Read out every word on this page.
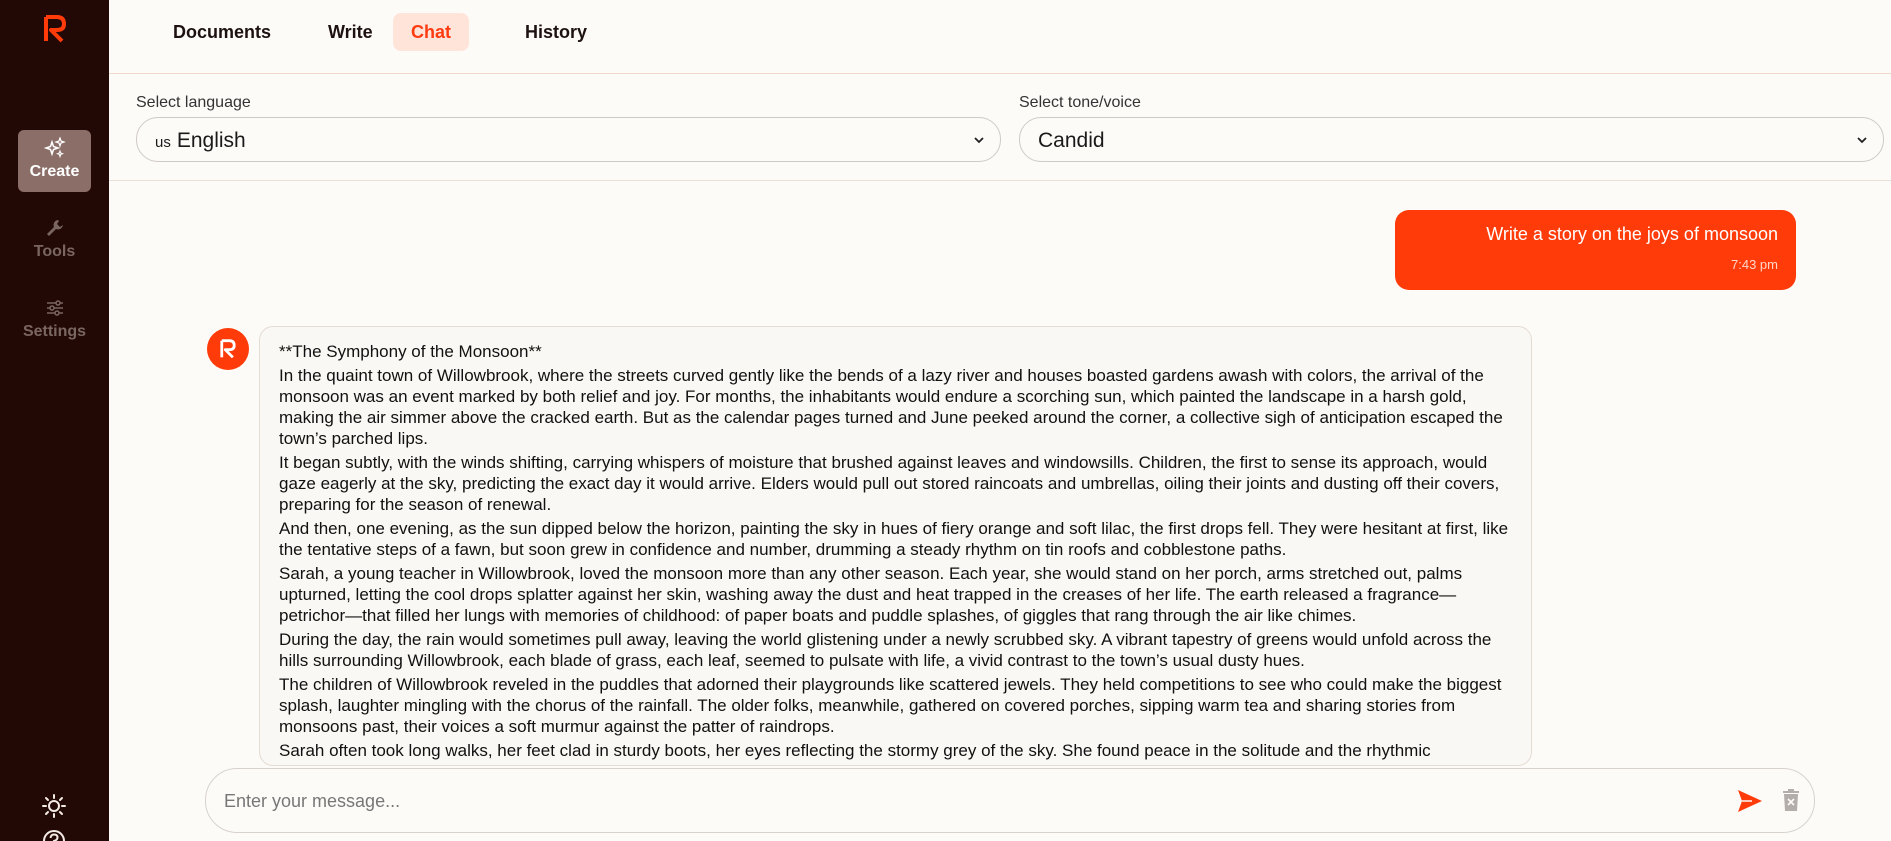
Create
Tools
Settings
Documents	Write	Chat	History
Select language
us English
Select tone/voice
Candid
Write a story on the joys of monsoon
7:43 pm

**The Symphony of the Monsoon**

In the quaint town of Willowbrook, where the streets curved gently like the bends of a lazy river and houses boasted gardens awash with colors, the arrival of the monsoon was an event marked by both relief and joy. For months, the inhabitants would endure a scorching sun, which painted the landscape in a harsh gold, making the air simmer above the cracked earth. But as the calendar pages turned and June peeked around the corner, a collective sigh of anticipation escaped the town’s parched lips.

It began subtly, with the winds shifting, carrying whispers of moisture that brushed against leaves and windowsills. Children, the first to sense its approach, would gaze eagerly at the sky, predicting the exact day it would arrive. Elders would pull out stored raincoats and umbrellas, oiling their joints and dusting off their covers, preparing for the season of renewal.

And then, one evening, as the sun dipped below the horizon, painting the sky in hues of fiery orange and soft lilac, the first drops fell. They were hesitant at first, like the tentative steps of a fawn, but soon grew in confidence and number, drumming a steady rhythm on tin roofs and cobblestone paths.

Sarah, a young teacher in Willowbrook, loved the monsoon more than any other season. Each year, she would stand on her porch, arms stretched out, palms upturned, letting the cool drops splatter against her skin, washing away the dust and heat trapped in the creases of her life. The earth released a fragrance—petrichor—that filled her lungs with memories of childhood: of paper boats and puddle splashes, of giggles that rang through the air like chimes.

During the day, the rain would sometimes pull away, leaving the world glistening under a newly scrubbed sky. A vibrant tapestry of greens would unfold across the hills surrounding Willowbrook, each blade of grass, each leaf, seemed to pulsate with life, a vivid contrast to the town’s usual dusty hues.

The children of Willowbrook reveled in the puddles that adorned their playgrounds like scattered jewels. They held competitions to see who could make the biggest splash, laughter mingling with the chorus of the rainfall. The older folks, meanwhile, gathered on covered porches, sipping warm tea and sharing stories from monsoons past, their voices a soft murmur against the patter of raindrops.

Sarah often took long walks, her feet clad in sturdy boots, her eyes reflecting the stormy grey of the sky. She found peace in the solitude and the rhythmic

Enter your message...
